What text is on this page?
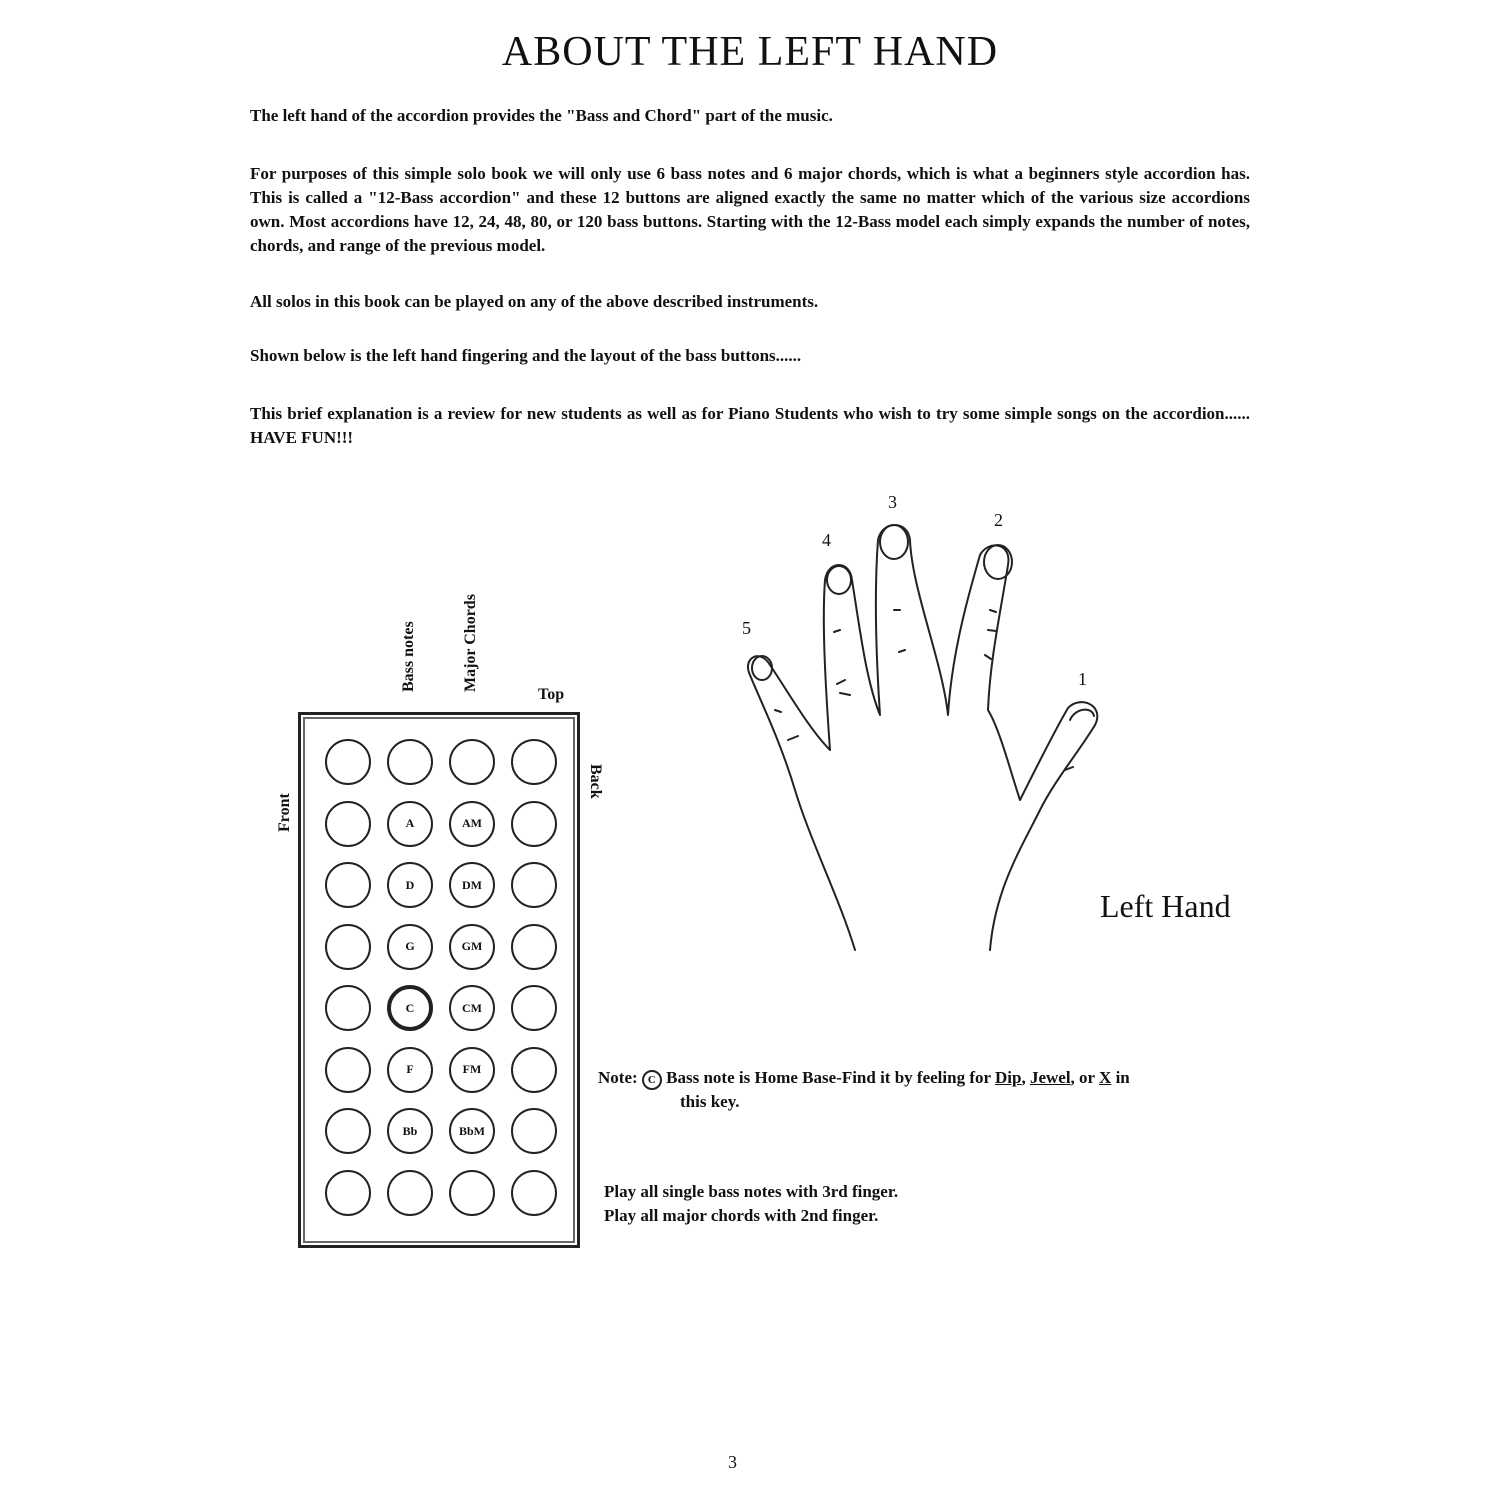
ABOUT THE LEFT HAND
The left hand of the accordion provides the "Bass and Chord" part of the music.
For purposes of this simple solo book we will only use 6 bass notes and 6 major chords, which is what a beginners style accordion has. This is called a "12-Bass accordion" and these 12 buttons are aligned exactly the same no matter which of the various size accordions own. Most accordions have 12, 24, 48, 80, or 120 bass buttons. Starting with the 12-Bass model each simply expands the number of notes, chords, and range of the previous model.
All solos in this book can be played on any of the above described instruments.
Shown below is the left hand fingering and the layout of the bass buttons......
This brief explanation is a review for new students as well as for Piano Students who wish to try some simple songs on the accordion...... HAVE FUN!!!
Bass notes	Major Chords
Top
Front
Back
A	AM
D	DM
G	GM
C	CM
F	FM
Bb	BbM
1
2
3
4
5
Left Hand
Note: C Bass note is Home Base-Find it by feeling for Dip, Jewel, or X in
this key.
Play all single bass notes with 3rd finger.
Play all major chords with 2nd finger.
3
